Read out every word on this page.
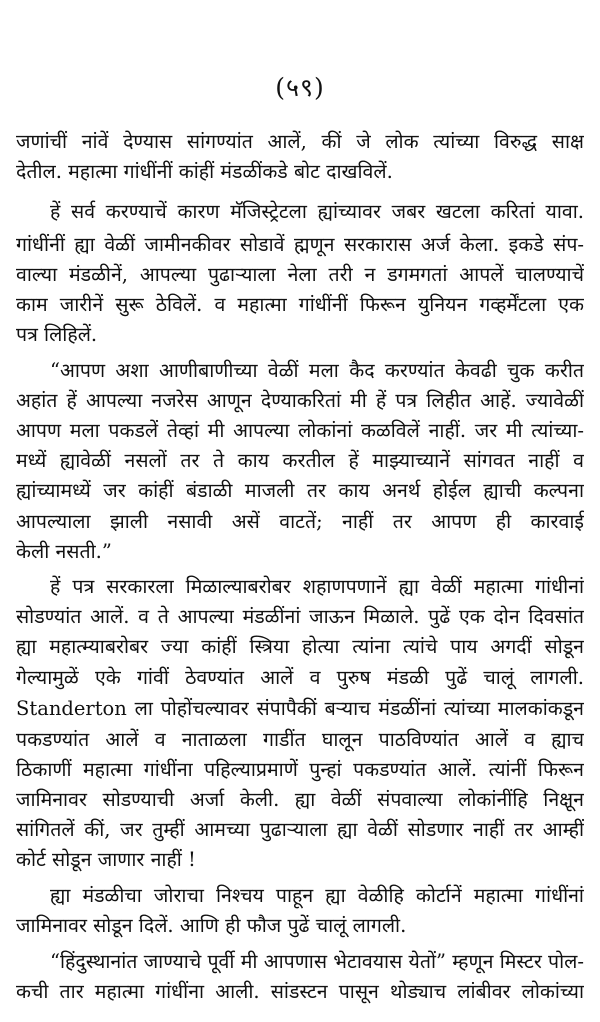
(५९)
जणांचीं नांवें देण्यास सांगण्यांत आलें, कीं जे लोक त्यांच्या विरुद्ध साक्ष
देतील. महात्मा गांधींनीं कांहीं मंडळींकडे बोट दाखविलें.
हें सर्व करण्याचें कारण मॅजिस्ट्रेटला ह्यांच्यावर जबर खटला करितां यावा.
गांधींनीं ह्या वेळीं जामीनकीवर सोडावें ह्मणून सरकारास अर्ज केला. इकडे संप-
वाल्या मंडळीनें, आपल्या पुढाऱ्याला नेला तरी न डगमगतां आपलें चालण्याचें
काम जारीनें सुरू ठेविलें. व महात्मा गांधींनीं फिरून युनियन गव्हर्मेंटला एक
पत्र लिहिलें.
“आपण अशा आणीबाणीच्या वेळीं मला कैद करण्यांत केवढी चुक करीत
अहांत हें आपल्या नजरेस आणून देण्याकरितां मी हें पत्र लिहीत आहें. ज्यावेळीं
आपण मला पकडलें तेव्हां मी आपल्या लोकांनां कळविलें नाहीं. जर मी त्यांच्या-
मध्यें ह्यावेळीं नसलों तर ते काय करतील हें माझ्याच्यानें सांगवत नाहीं व
ह्यांच्यामध्यें जर कांहीं बंडाळी माजली तर काय अनर्थ होईल ह्याची कल्पना
आपल्याला झाली नसावी असें वाटतें; नाहीं तर आपण ही कारवाई
केली नसती.”
हें पत्र सरकारला मिळाल्याबरोबर शहाणपणानें ह्या वेळीं महात्मा गांधीनां
सोडण्यांत आलें. व ते आपल्या मंडळींनां जाऊन मिळाले. पुढें एक दोन दिवसांत
ह्या महात्म्याबरोबर ज्या कांहीं स्त्रिया होत्या त्यांना त्यांचे पाय अगदीं सोडून
गेल्यामुळें एके गांवीं ठेवण्यांत आलें व पुरुष मंडळी पुढें चालूं लागली.
Standerton ला पोहोंचल्यावर संपापैकीं बऱ्याच मंडळींनां त्यांच्या मालकांकडून
पकडण्यांत आलें व नाताळला गाडींत घालून पाठविण्यांत आलें व ह्याच
ठिकाणीं महात्मा गांधींना पहिल्याप्रमाणें पुन्हां पकडण्यांत आलें. त्यांनीं फिरून
जामिनावर सोडण्याची अर्जा केली. ह्या वेळीं संपवाल्या लोकांनींहि निक्षून
सांगितलें कीं, जर तुम्हीं आमच्या पुढाऱ्याला ह्या वेळीं सोडणार नाहीं तर आम्हीं
कोर्ट सोडून जाणार नाहीं !
ह्या मंडळीचा जोराचा निश्चय पाहून ह्या वेळीहि कोर्टानें महात्मा गांधींनां
जामिनावर सोडून दिलें. आणि ही फौज पुढें चालूं लागली.
“हिंदुस्थानांत जाण्याचे पूर्वी मी आपणास भेटावयास येतों” म्हणून मिस्टर पोल-
कची तार महात्मा गांधींना आली. सांडस्टन पासून थोड्याच लांबीवर लोकांच्या
